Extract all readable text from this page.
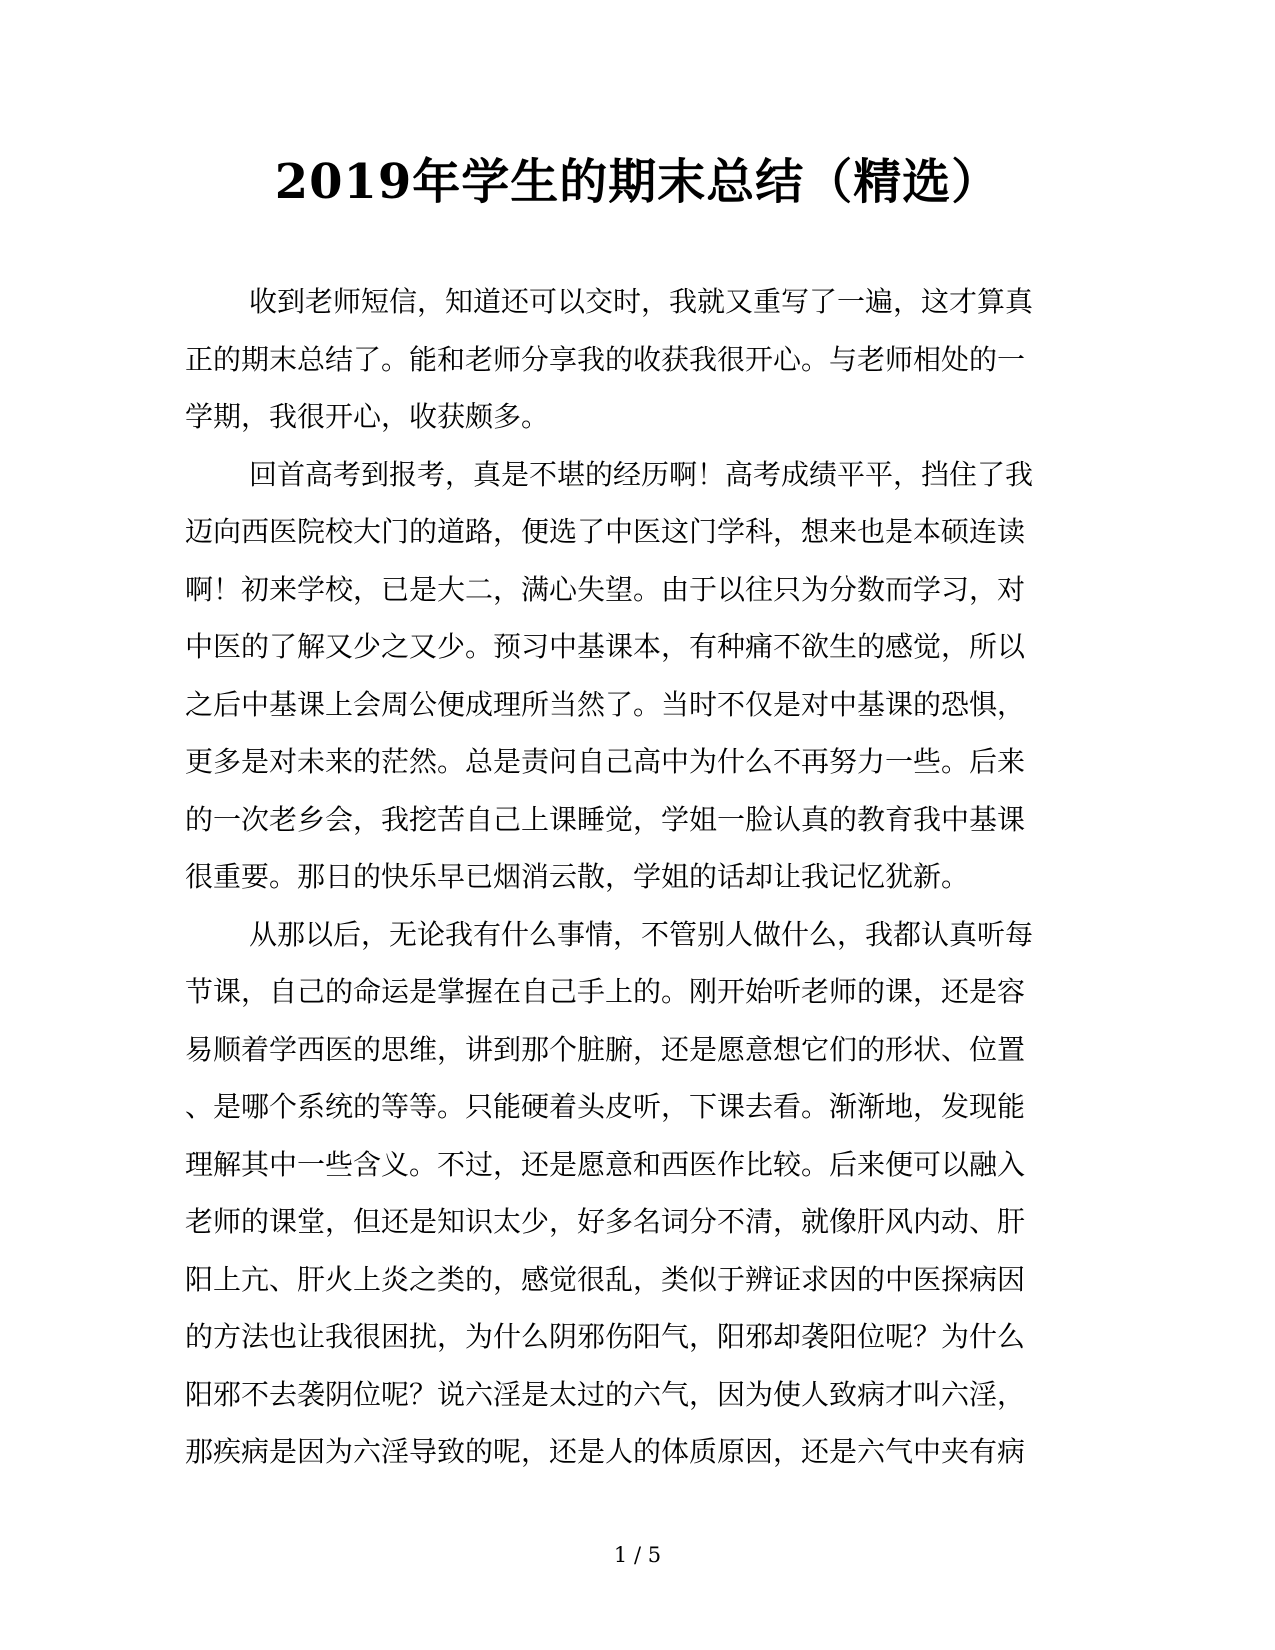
2019年学生的期末总结（精选）
收到老师短信，知道还可以交时，我就又重写了一遍，这才算真
正的期末总结了。能和老师分享我的收获我很开心。与老师相处的一
学期，我很开心，收获颇多。
回首高考到报考，真是不堪的经历啊！高考成绩平平，挡住了我
迈向西医院校大门的道路，便选了中医这门学科，想来也是本硕连读
啊！初来学校，已是大二，满心失望。由于以往只为分数而学习，对
中医的了解又少之又少。预习中基课本，有种痛不欲生的感觉，所以
之后中基课上会周公便成理所当然了。当时不仅是对中基课的恐惧，
更多是对未来的茫然。总是责问自己高中为什么不再努力一些。后来
的一次老乡会，我挖苦自己上课睡觉，学姐一脸认真的教育我中基课
很重要。那日的快乐早已烟消云散，学姐的话却让我记忆犹新。
从那以后，无论我有什么事情，不管别人做什么，我都认真听每
节课，自己的命运是掌握在自己手上的。刚开始听老师的课，还是容
易顺着学西医的思维，讲到那个脏腑，还是愿意想它们的形状、位置
、是哪个系统的等等。只能硬着头皮听，下课去看。渐渐地，发现能
理解其中一些含义。不过，还是愿意和西医作比较。后来便可以融入
老师的课堂，但还是知识太少，好多名词分不清，就像肝风内动、肝
阳上亢、肝火上炎之类的，感觉很乱，类似于辨证求因的中医探病因
的方法也让我很困扰，为什么阴邪伤阳气，阳邪却袭阳位呢？为什么
阳邪不去袭阴位呢？说六淫是太过的六气，因为使人致病才叫六淫，
那疾病是因为六淫导致的呢，还是人的体质原因，还是六气中夹有病
1 / 5
